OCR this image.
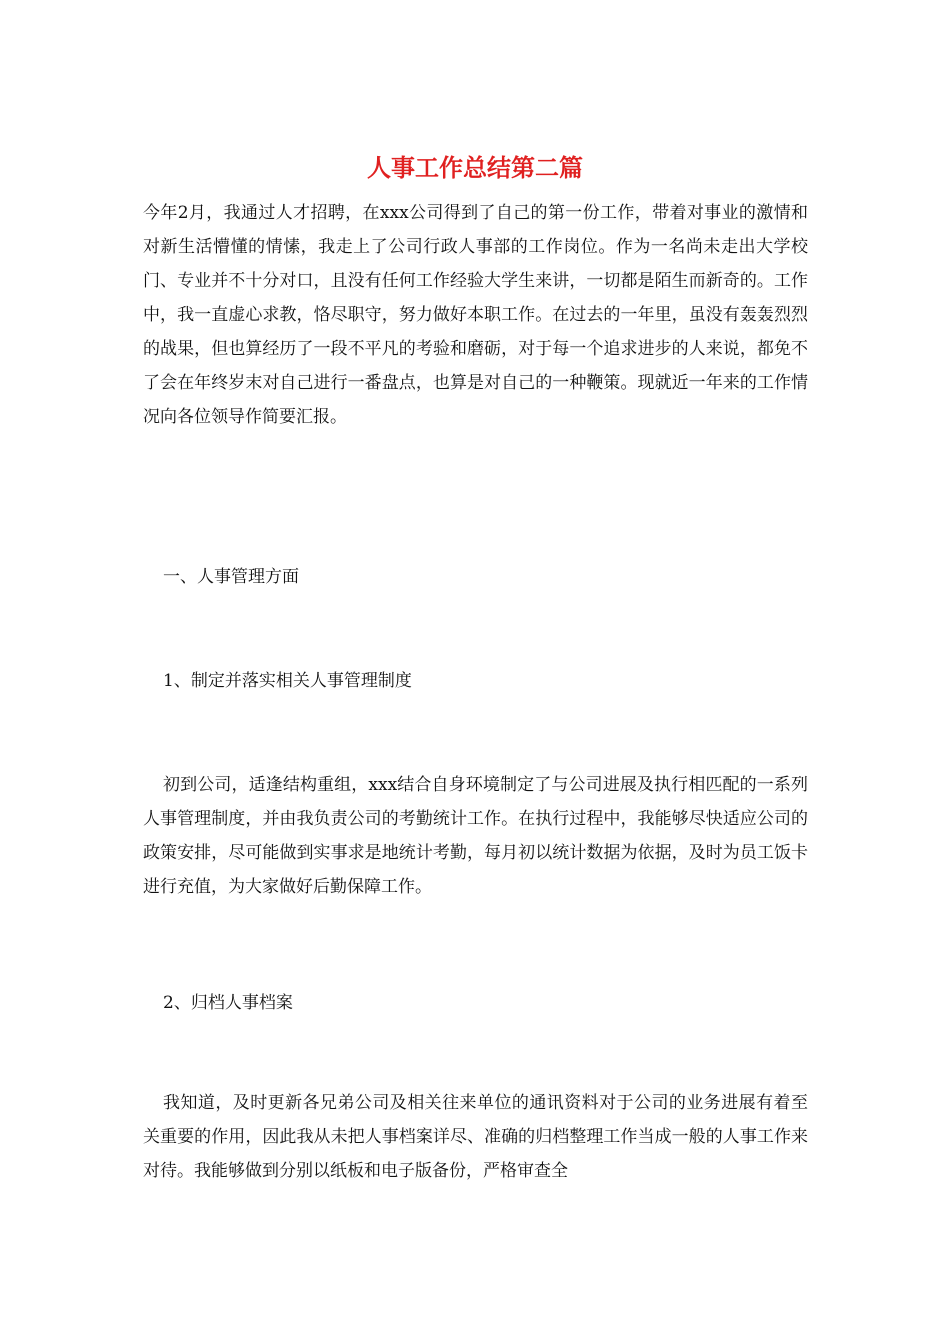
人事工作总结第二篇

今年2月，我通过人才招聘，在xxx公司得到了自己的第一份工作，带着对事业的激情和对新生活懵懂的情愫，我走上了公司行政人事部的工作岗位。作为一名尚未走出大学校门、专业并不十分对口，且没有任何工作经验大学生来讲，一切都是陌生而新奇的。工作中，我一直虚心求教，恪尽职守，努力做好本职工作。在过去的一年里，虽没有轰轰烈烈的战果，但也算经历了一段不平凡的考验和磨砺，对于每一个追求进步的人来说，都免不了会在年终岁末对自己进行一番盘点，也算是对自己的一种鞭策。现就近一年来的工作情况向各位领导作简要汇报。

一、人事管理方面

1、制定并落实相关人事管理制度

初到公司，适逢结构重组，xxx结合自身环境制定了与公司进展及执行相匹配的一系列人事管理制度，并由我负责公司的考勤统计工作。在执行过程中，我能够尽快适应公司的政策安排，尽可能做到实事求是地统计考勤，每月初以统计数据为依据，及时为员工饭卡进行充值，为大家做好后勤保障工作。

2、归档人事档案

我知道，及时更新各兄弟公司及相关往来单位的通讯资料对于公司的业务进展有着至关重要的作用，因此我从未把人事档案详尽、准确的归档整理工作当成一般的人事工作来对待。我能够做到分别以纸板和电子版备份，严格审查全
